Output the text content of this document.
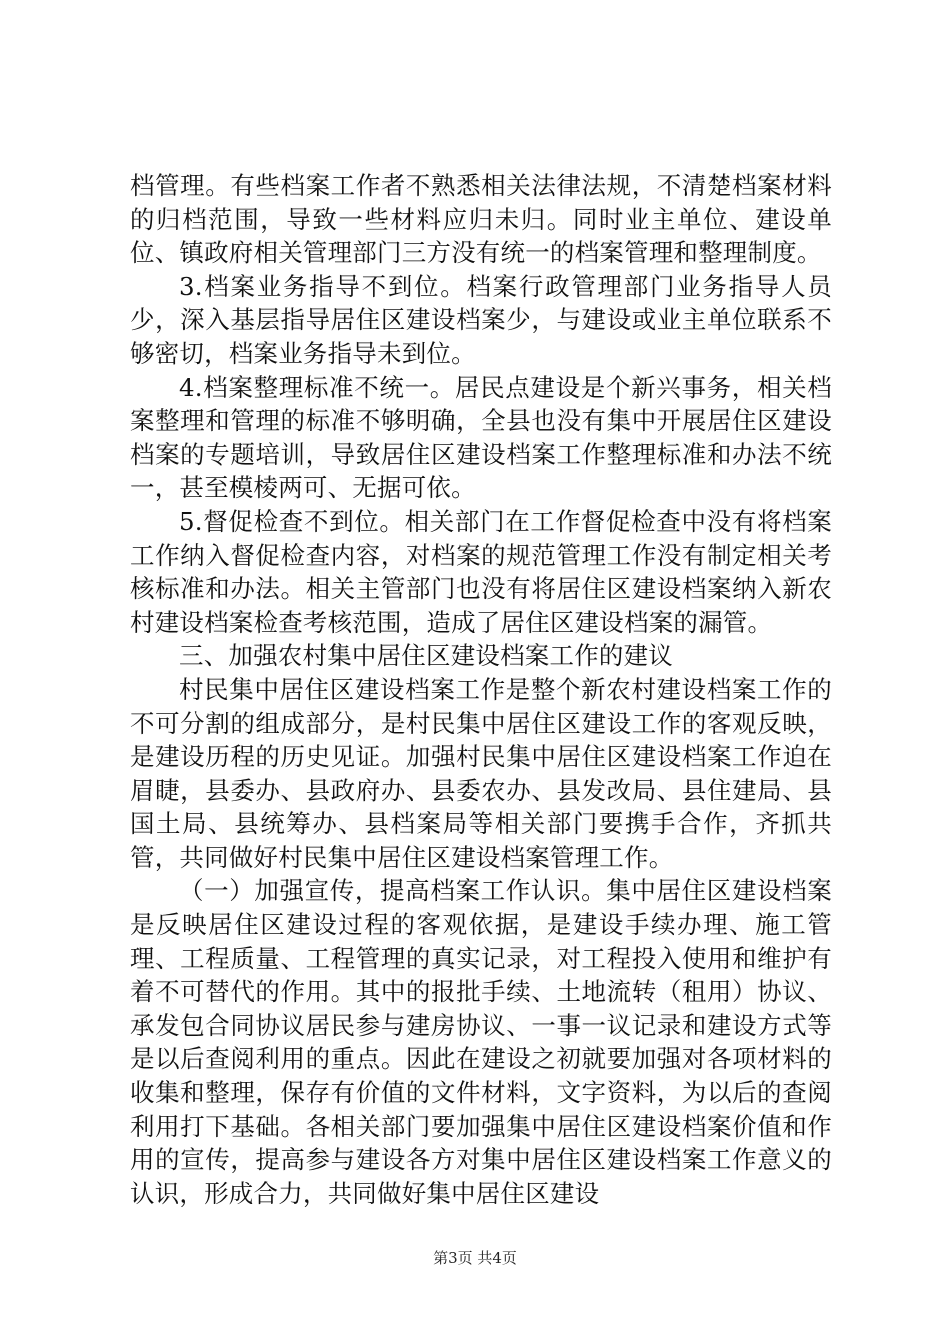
档管理。有些档案工作者不熟悉相关法律法规，不清楚档案材料的归档范围，导致一些材料应归未归。同时业主单位、建设单位、镇政府相关管理部门三方没有统一的档案管理和整理制度。

3.档案业务指导不到位。档案行政管理部门业务指导人员少，深入基层指导居住区建设档案少，与建设或业主单位联系不够密切，档案业务指导未到位。

4.档案整理标准不统一。居民点建设是个新兴事务，相关档案整理和管理的标准不够明确，全县也没有集中开展居住区建设档案的专题培训，导致居住区建设档案工作整理标准和办法不统一，甚至模棱两可、无据可依。

5.督促检查不到位。相关部门在工作督促检查中没有将档案工作纳入督促检查内容，对档案的规范管理工作没有制定相关考核标准和办法。相关主管部门也没有将居住区建设档案纳入新农村建设档案检查考核范围，造成了居住区建设档案的漏管。

三、加强农村集中居住区建设档案工作的建议

村民集中居住区建设档案工作是整个新农村建设档案工作的不可分割的组成部分，是村民集中居住区建设工作的客观反映，是建设历程的历史见证。加强村民集中居住区建设档案工作迫在眉睫，县委办、县政府办、县委农办、县发改局、县住建局、县国土局、县统筹办、县档案局等相关部门要携手合作，齐抓共管，共同做好村民集中居住区建设档案管理工作。

（一）加强宣传，提高档案工作认识。集中居住区建设档案是反映居住区建设过程的客观依据，是建设手续办理、施工管理、工程质量、工程管理的真实记录，对工程投入使用和维护有着不可替代的作用。其中的报批手续、土地流转（租用）协议、承发包合同协议居民参与建房协议、一事一议记录和建设方式等是以后查阅利用的重点。因此在建设之初就要加强对各项材料的收集和整理，保存有价值的文件材料，文字资料，为以后的查阅利用打下基础。各相关部门要加强集中居住区建设档案价值和作用的宣传，提高参与建设各方对集中居住区建设档案工作意义的认识，形成合力，共同做好集中居住区建设

第3页 共4页
